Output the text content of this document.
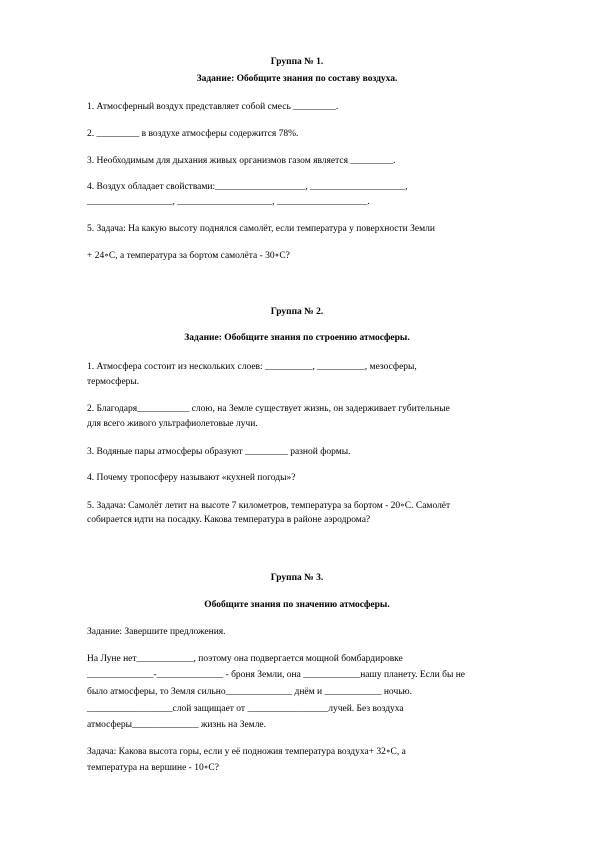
Группа № 1.
Задание: Обобщите знания по составу воздуха.
1. Атмосферный воздух представляет собой смесь _________.
2. _________ в воздухе атмосферы содержится 78%.
3. Необходимым для дыхания живых организмов газом является _________.
4. Воздух обладает свойствами:___________________, ____________________,
__________________, ____________________, ___________________.
5. Задача: На какую высоту поднялся самолёт, если температура у поверхности Земли
+ 24∘С, а температура за бортом самолёта - 30∘С?
Группа № 2.
Задание: Обобщите знания по строению атмосферы.
1. Атмосфера состоит из нескольких слоев: __________, __________, мезосферы,
термосферы.
2. Благодаря___________ слою, на Земле существует жизнь, он задерживает губительные
для всего живого ультрафиолетовые лучи.
3. Водяные пары атмосферы образуют _________ разной формы.
4. Почему тропосферу называют «кухней погоды»?
5. Задача: Самолёт летит на высоте 7 километров, температура за бортом - 20∘С. Самолёт
собирается идти на посадку. Какова температура в районе аэродрома?
Группа № 3.
Обобщите знания по значению атмосферы.
Задание: Завершите предложения.
На Луне нет____________, поэтому она подвергается мощной бомбардировке
______________-______________ - броня Земли, она ____________нашу планету. Если бы не
было атмосферы, то Земля сильно______________ днём и ____________ ночью.
__________________слой защищает от _________________лучей. Без воздуха
атмосферы______________ жизнь на Земле.
Задача: Какова высота горы, если у её подножия температура воздуха+ 32∘С, а
температура на вершине - 10∘С?
